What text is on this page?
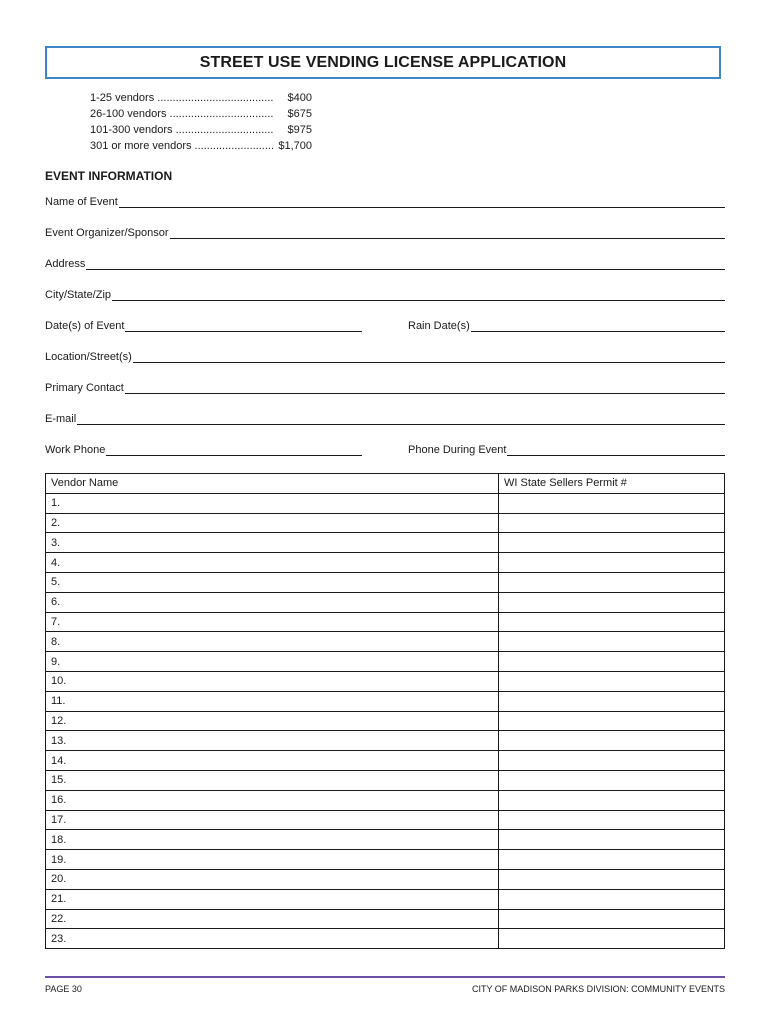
STREET USE VENDING LICENSE APPLICATION
1-25 vendors .....	$400
26-100 vendors .....	$675
101-300 vendors .....	$975
301 or more vendors .....	$1,700
EVENT INFORMATION
Name of Event
Event Organizer/Sponsor
Address
City/State/Zip
Date(s) of Event	Rain Date(s)
Location/Street(s)
Primary Contact
E-mail
Work Phone	Phone During Event
Vendor Name	WI State Sellers Permit #
1.	
2.	
3.	
4.	
5.	
6.	
7.	
8.	
9.	
10.	
11.	
12.	
13.	
14.	
15.	
16.	
17.	
18.	
19.	
20.	
21.	
22.	
23.	
PAGE 30	CITY OF MADISON PARKS DIVISION: COMMUNITY EVENTS
